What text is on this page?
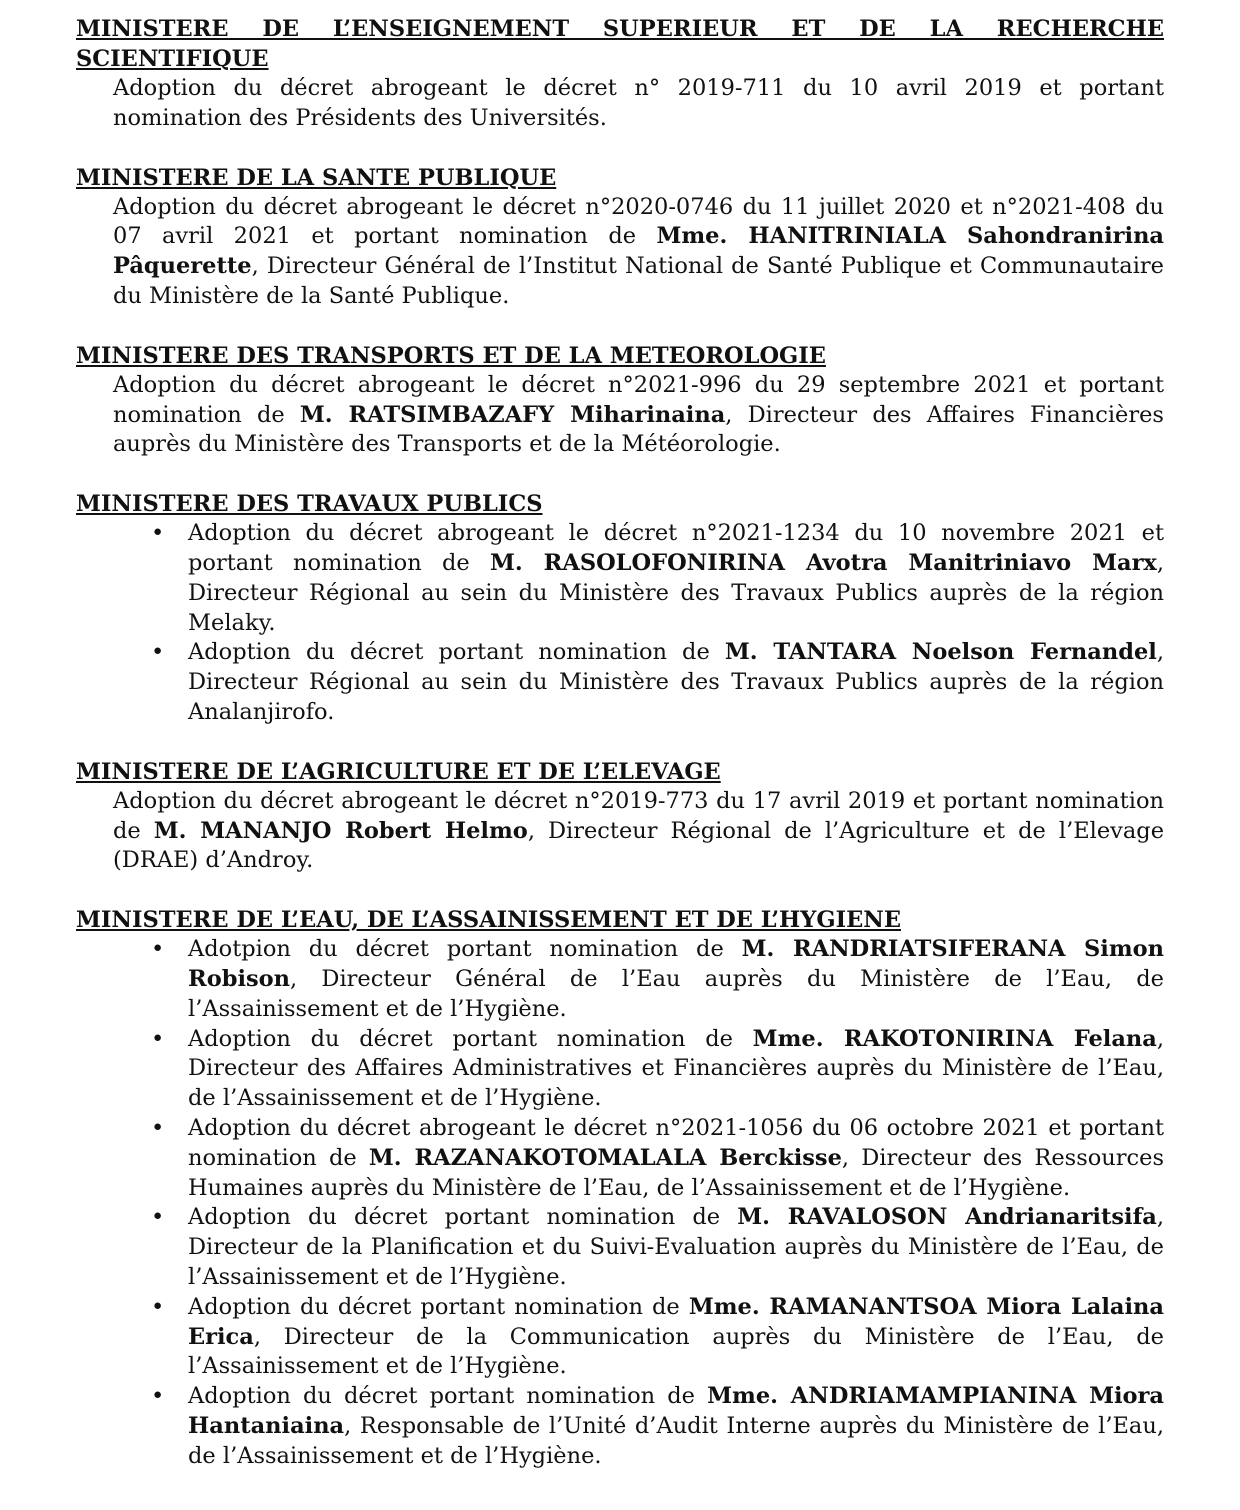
MINISTERE DE L’ENSEIGNEMENT SUPERIEUR ET DE LA RECHERCHE SCIENTIFIQUE

Adoption du décret abrogeant le décret n° 2019-711 du 10 avril 2019 et portant nomination des Présidents des Universités.

MINISTERE DE LA SANTE PUBLIQUE

Adoption du décret abrogeant le décret n°2020-0746 du 11 juillet 2020 et n°2021-408 du 07 avril 2021 et portant nomination de Mme. HANITRINIALA Sahondranirina Pâquerette, Directeur Général de l’Institut National de Santé Publique et Communautaire du Ministère de la Santé Publique.

MINISTERE DES TRANSPORTS ET DE LA METEOROLOGIE

Adoption du décret abrogeant le décret n°2021-996 du 29 septembre 2021 et portant nomination de M. RATSIMBAZAFY Miharinaina, Directeur des Affaires Financières auprès du Ministère des Transports et de la Météorologie.

MINISTERE DES TRAVAUX PUBLICS

• Adoption du décret abrogeant le décret n°2021-1234 du 10 novembre 2021 et portant nomination de M. RASOLOFONIRINA Avotra Manitriniavo Marx, Directeur Régional au sein du Ministère des Travaux Publics auprès de la région Melaky.
• Adoption du décret portant nomination de M. TANTARA Noelson Fernandel, Directeur Régional au sein du Ministère des Travaux Publics auprès de la région Analanjirofo.

MINISTERE DE L’AGRICULTURE ET DE L’ELEVAGE

Adoption du décret abrogeant le décret n°2019-773 du 17 avril 2019 et portant nomination de M. MANANJO Robert Helmo, Directeur Régional de l’Agriculture et de l’Elevage (DRAE) d’Androy.

MINISTERE DE L’EAU, DE L’ASSAINISSEMENT ET DE L’HYGIENE

• Adotpion du décret portant nomination de M. RANDRIATSIFERANA Simon Robison, Directeur Général de l’Eau auprès du Ministère de l’Eau, de l’Assainissement et de l’Hygiène.
• Adoption du décret portant nomination de Mme. RAKOTONIRINA Felana, Directeur des Affaires Administratives et Financières auprès du Ministère de l’Eau, de l’Assainissement et de l’Hygiène.
• Adoption du décret abrogeant le décret n°2021-1056 du 06 octobre 2021 et portant nomination de M. RAZANAKOTOMALALA Berckisse, Directeur des Ressources Humaines auprès du Ministère de l’Eau, de l’Assainissement et de l’Hygiène.
• Adoption du décret portant nomination de M. RAVALOSON Andrianaritsifa, Directeur de la Planification et du Suivi-Evaluation auprès du Ministère de l’Eau, de l’Assainissement et de l’Hygiène.
• Adoption du décret portant nomination de Mme. RAMANANTSOA Miora Lalaina Erica, Directeur de la Communication auprès du Ministère de l’Eau, de l’Assainissement et de l’Hygiène.
• Adoption du décret portant nomination de Mme. ANDRIAMAMPIANINA Miora Hantaniaina, Responsable de l’Unité d’Audit Interne auprès du Ministère de l’Eau, de l’Assainissement et de l’Hygiène.
